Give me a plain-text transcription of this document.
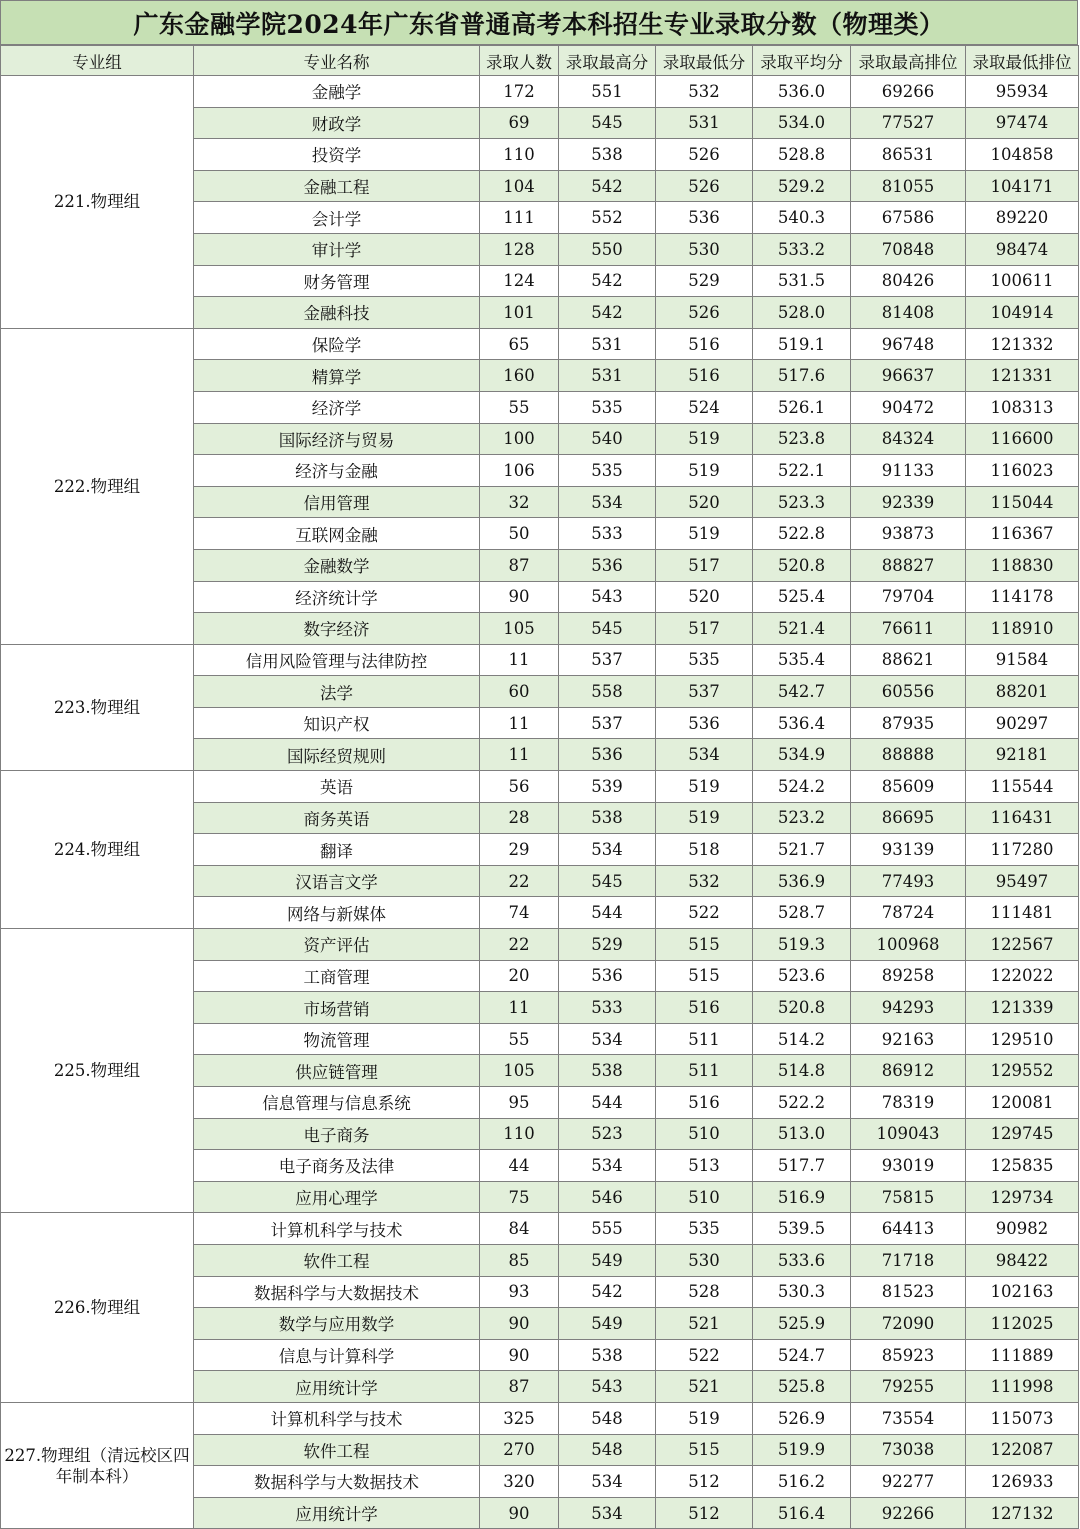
广东金融学院2024年广东省普通高考本科招生专业录取分数（物理类）
专业组	专业名称	录取人数	录取最高分	录取最低分	录取平均分	录取最高排位	录取最低排位
221.物理组	金融学	172	551	532	536.0	69266	95934
	财政学	69	545	531	534.0	77527	97474
	投资学	110	538	526	528.8	86531	104858
	金融工程	104	542	526	529.2	81055	104171
	会计学	111	552	536	540.3	67586	89220
	审计学	128	550	530	533.2	70848	98474
	财务管理	124	542	529	531.5	80426	100611
	金融科技	101	542	526	528.0	81408	104914
222.物理组	保险学	65	531	516	519.1	96748	121332
	精算学	160	531	516	517.6	96637	121331
	经济学	55	535	524	526.1	90472	108313
	国际经济与贸易	100	540	519	523.8	84324	116600
	经济与金融	106	535	519	522.1	91133	116023
	信用管理	32	534	520	523.3	92339	115044
	互联网金融	50	533	519	522.8	93873	116367
	金融数学	87	536	517	520.8	88827	118830
	经济统计学	90	543	520	525.4	79704	114178
	数字经济	105	545	517	521.4	76611	118910
223.物理组	信用风险管理与法律防控	11	537	535	535.4	88621	91584
	法学	60	558	537	542.7	60556	88201
	知识产权	11	537	536	536.4	87935	90297
	国际经贸规则	11	536	534	534.9	88888	92181
224.物理组	英语	56	539	519	524.2	85609	115544
	商务英语	28	538	519	523.2	86695	116431
	翻译	29	534	518	521.7	93139	117280
	汉语言文学	22	545	532	536.9	77493	95497
	网络与新媒体	74	544	522	528.7	78724	111481
225.物理组	资产评估	22	529	515	519.3	100968	122567
	工商管理	20	536	515	523.6	89258	122022
	市场营销	11	533	516	520.8	94293	121339
	物流管理	55	534	511	514.2	92163	129510
	供应链管理	105	538	511	514.8	86912	129552
	信息管理与信息系统	95	544	516	522.2	78319	120081
	电子商务	110	523	510	513.0	109043	129745
	电子商务及法律	44	534	513	517.7	93019	125835
	应用心理学	75	546	510	516.9	75815	129734
226.物理组	计算机科学与技术	84	555	535	539.5	64413	90982
	软件工程	85	549	530	533.6	71718	98422
	数据科学与大数据技术	93	542	528	530.3	81523	102163
	数学与应用数学	90	549	521	525.9	72090	112025
	信息与计算科学	90	538	522	524.7	85923	111889
	应用统计学	87	543	521	525.8	79255	111998
227.物理组（清远校区四年制本科）	计算机科学与技术	325	548	519	526.9	73554	115073
	软件工程	270	548	515	519.9	73038	122087
	数据科学与大数据技术	320	534	512	516.2	92277	126933
	应用统计学	90	534	512	516.4	92266	127132
